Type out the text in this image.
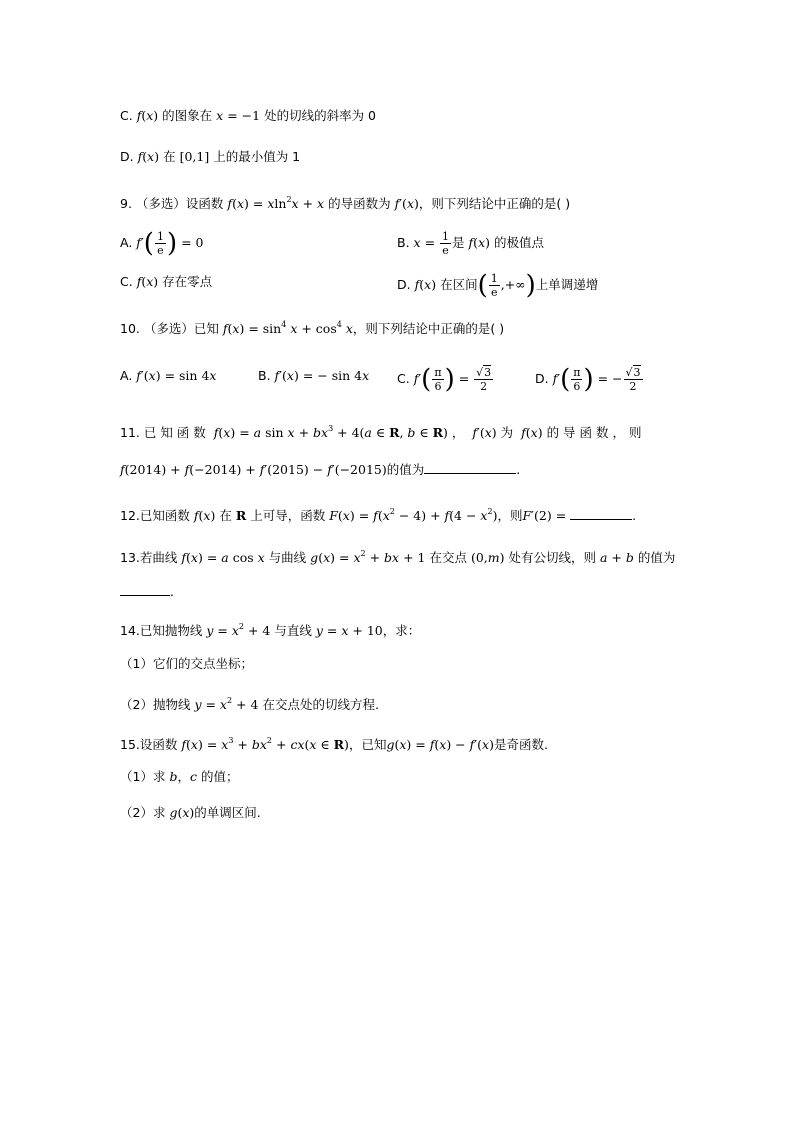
C. f(x) 的图象在 x = −1 处的切线的斜率为 0
D. f(x) 在 [0,1] 上的最小值为 1
9. （多选）设函数 f(x) = xln$^2$x + x 的导函数为 f′(x)，则下列结论中正确的是( )
A. $f'( \frac{1}{e}$ ) = 0	B. $x = \frac{1}{e}$ 是 f(x) 的极值点
C. f(x) 存在零点	D. f(x) 在区间( $\frac{1}{e}$ ,+∞)上单调递增
10. （多选）已知 $f(x) = \sin^4 x + \cos^4 x$，则下列结论中正确的是( )
A. f′(x) = sin 4x	B. f′(x) = − sin 4x C. $f'( \frac{\pi}{6}$ ) = $\frac{√3}{2}$	D. $f'( \frac{\pi}{6}$ ) = − $\frac{√3}{2}$
11. 已 知 函 数 f(x) = a $\sin x + bx^3 + 4(a$ ∈ R, b ∈ R) ，  f′(x) 为 f(x) 的 导 函 数 ， 则
f(2014) + f(−2014) + f′(2015) − f′(−2015)的值为	.
12.已知函数 f(x) 在 R 上可导，函数 $F(x) = f(x^2 - 4) + f(4 - x^2)$，则F′(2) =	.
13.若曲线 f(x) = a cos x 与曲线 $g(x) = x^2$ + bx + 1 在交点 (0,m) 处有公切线，则 a + b 的值为
.
14.已知抛物线 $y = x^2 + 4$ 与直线 y = x + 10，求：
（1）它们的交点坐标；
（2）抛物线 $y = x^2 + 4$ 在交点处的切线方程.
15.设函数 $f(x) = x^3 + bx^2 + cx(x$ ∈ R)，已知g(x) = f(x) − f′(x)是奇函数.
（1）求 b，c 的值；
（2）求 g(x)的单调区间.
